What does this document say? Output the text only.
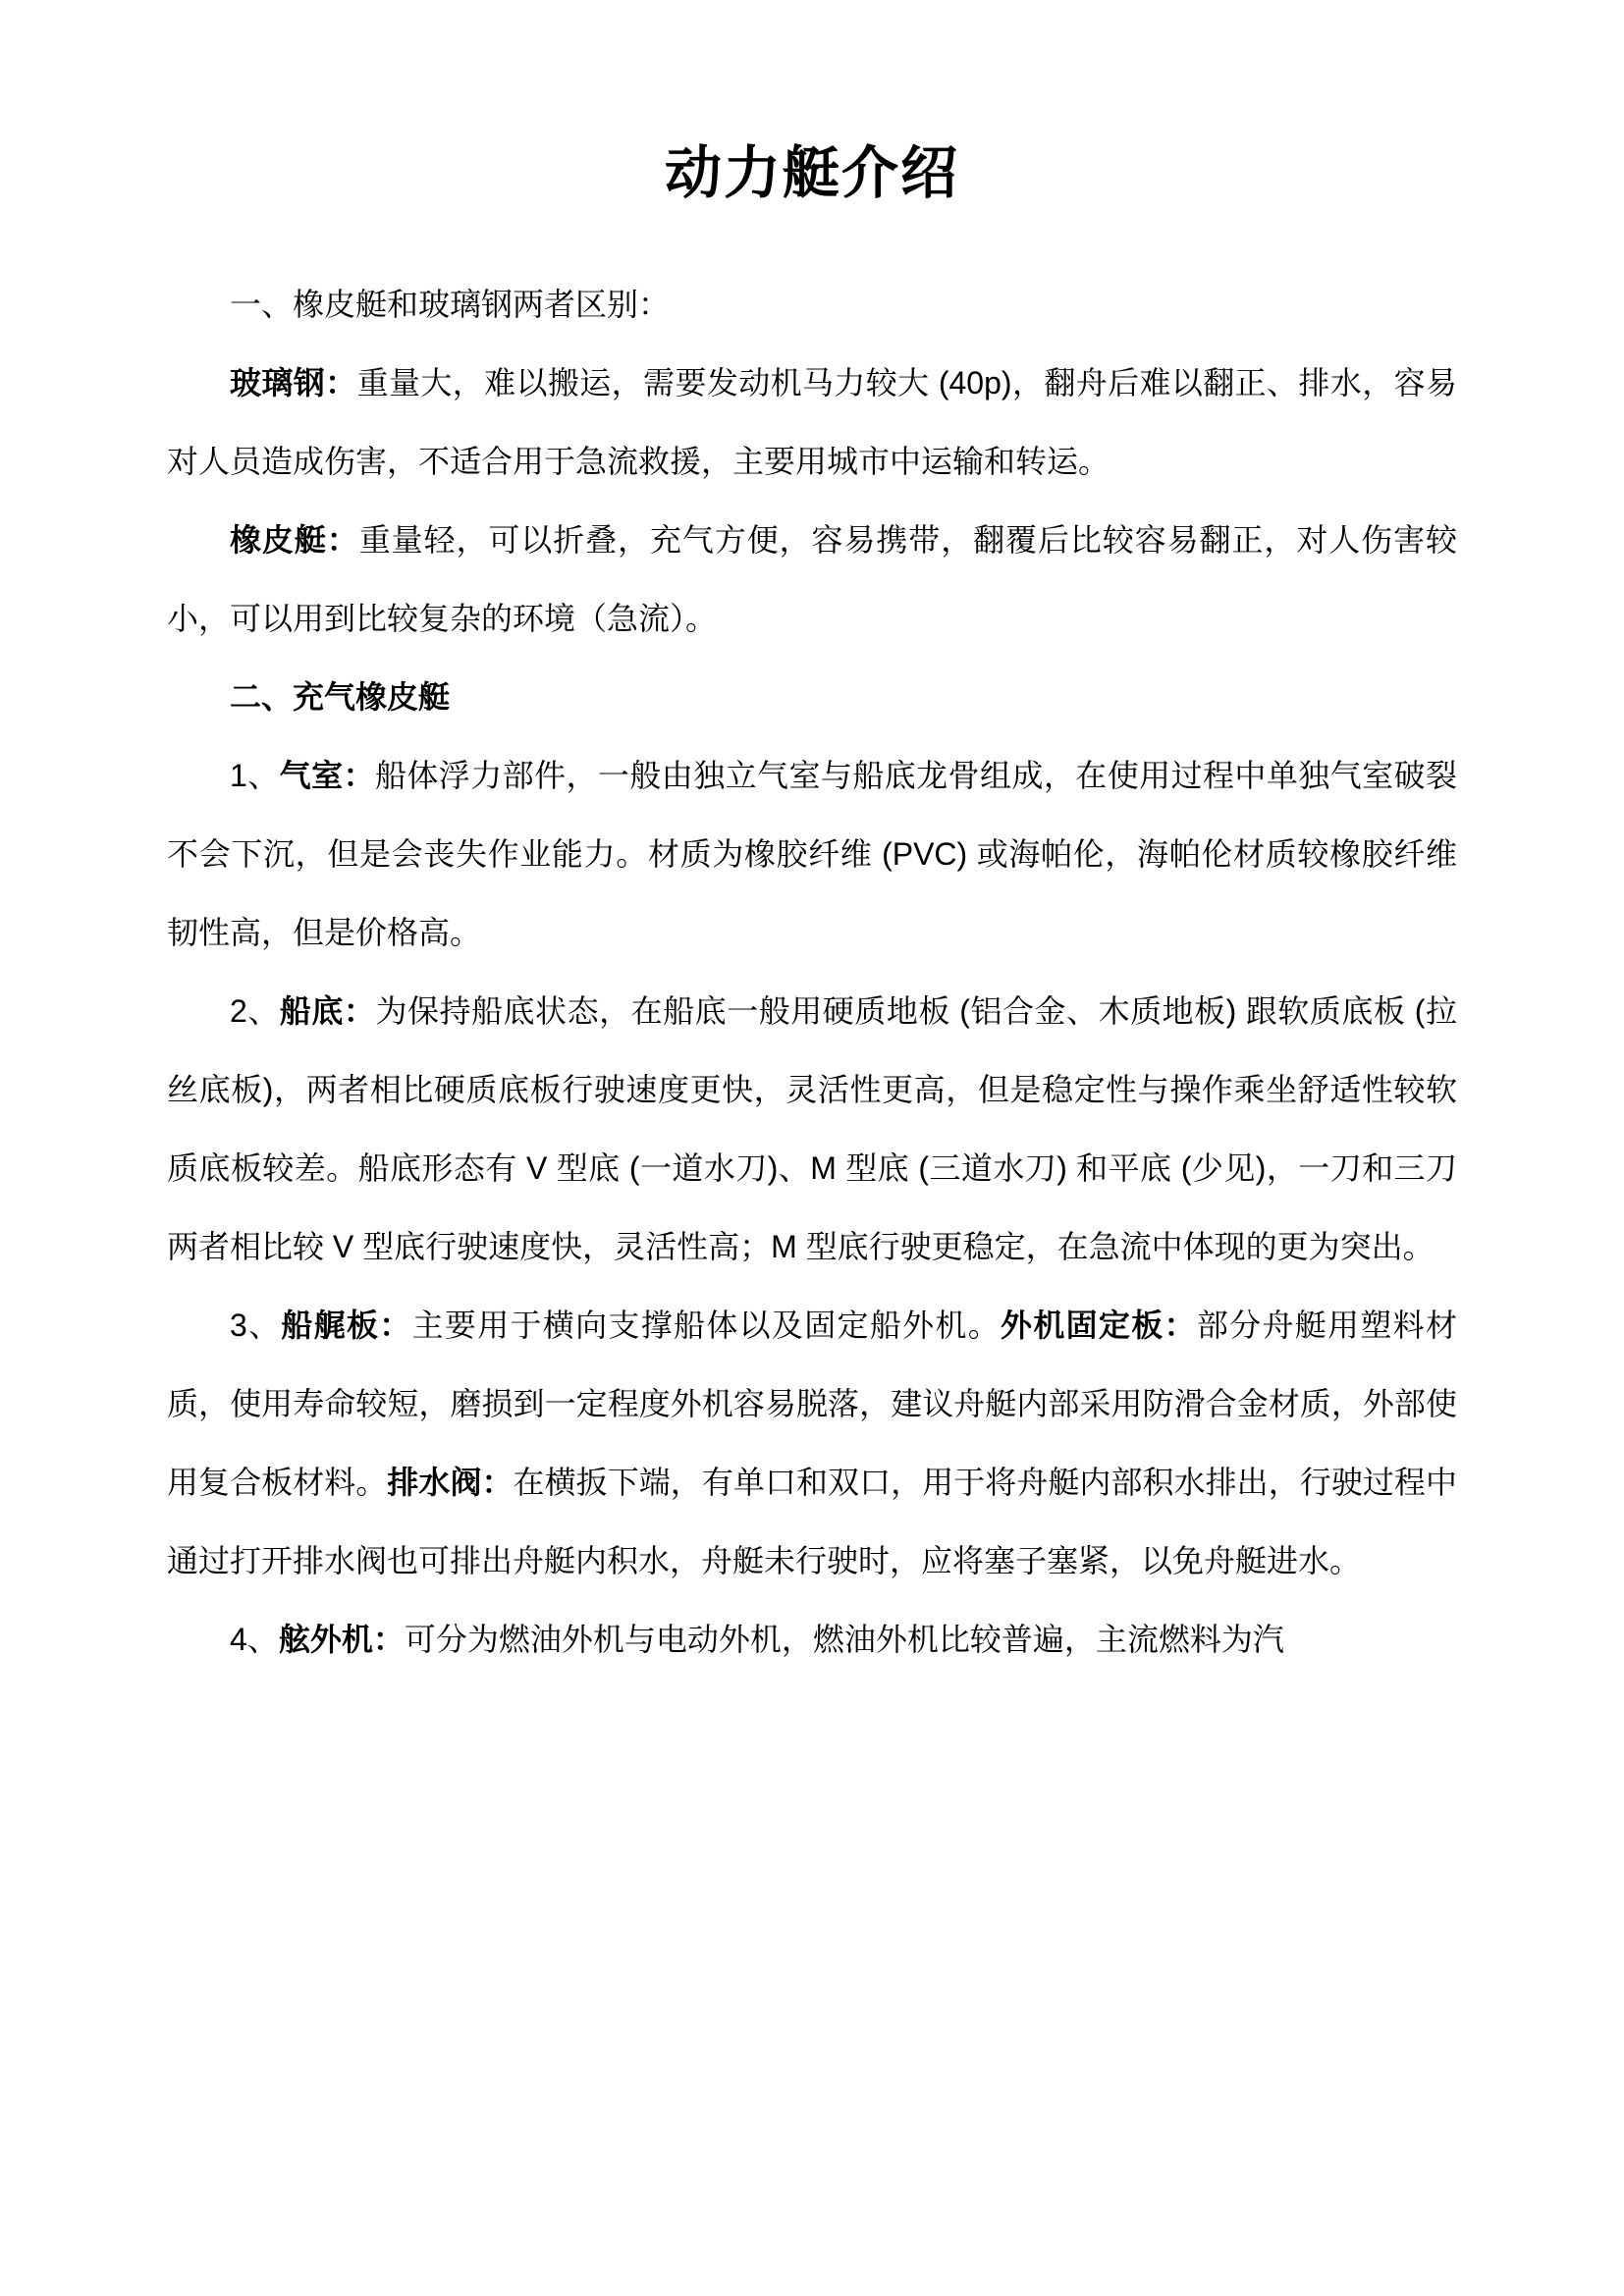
动力艇介绍

一、橡皮艇和玻璃钢两者区别：

玻璃钢：重量大，难以搬运，需要发动机马力较大 (40p)，翻舟后难以翻正、排水，容易对人员造成伤害，不适合用于急流救援，主要用城市中运输和转运。

橡皮艇：重量轻，可以折叠，充气方便，容易携带，翻覆后比较容易翻正，对人伤害较小，可以用到比较复杂的环境（急流）。

二、充气橡皮艇

1、气室：船体浮力部件，一般由独立气室与船底龙骨组成，在使用过程中单独气室破裂不会下沉，但是会丧失作业能力。材质为橡胶纤维 (PVC) 或海帕伦，海帕伦材质较橡胶纤维韧性高，但是价格高。

2、船底：为保持船底状态，在船底一般用硬质地板 (铝合金、木质地板) 跟软质底板 (拉丝底板)，两者相比硬质底板行驶速度更快，灵活性更高，但是稳定性与操作乘坐舒适性较软质底板较差。船底形态有 V 型底 (一道水刀)、M 型底 (三道水刀) 和平底 (少见)，一刀和三刀两者相比较 V 型底行驶速度快，灵活性高；M 型底行驶更稳定，在急流中体现的更为突出。

3、船艉板：主要用于横向支撑船体以及固定船外机。外机固定板：部分舟艇用塑料材质，使用寿命较短，磨损到一定程度外机容易脱落，建议舟艇内部采用防滑合金材质，外部使用复合板材料。排水阀：在横扳下端，有单口和双口，用于将舟艇内部积水排出，行驶过程中通过打开排水阀也可排出舟艇内积水，舟艇未行驶时，应将塞子塞紧，以免舟艇进水。

4、舷外机：可分为燃油外机与电动外机，燃油外机比较普遍，主流燃料为汽
